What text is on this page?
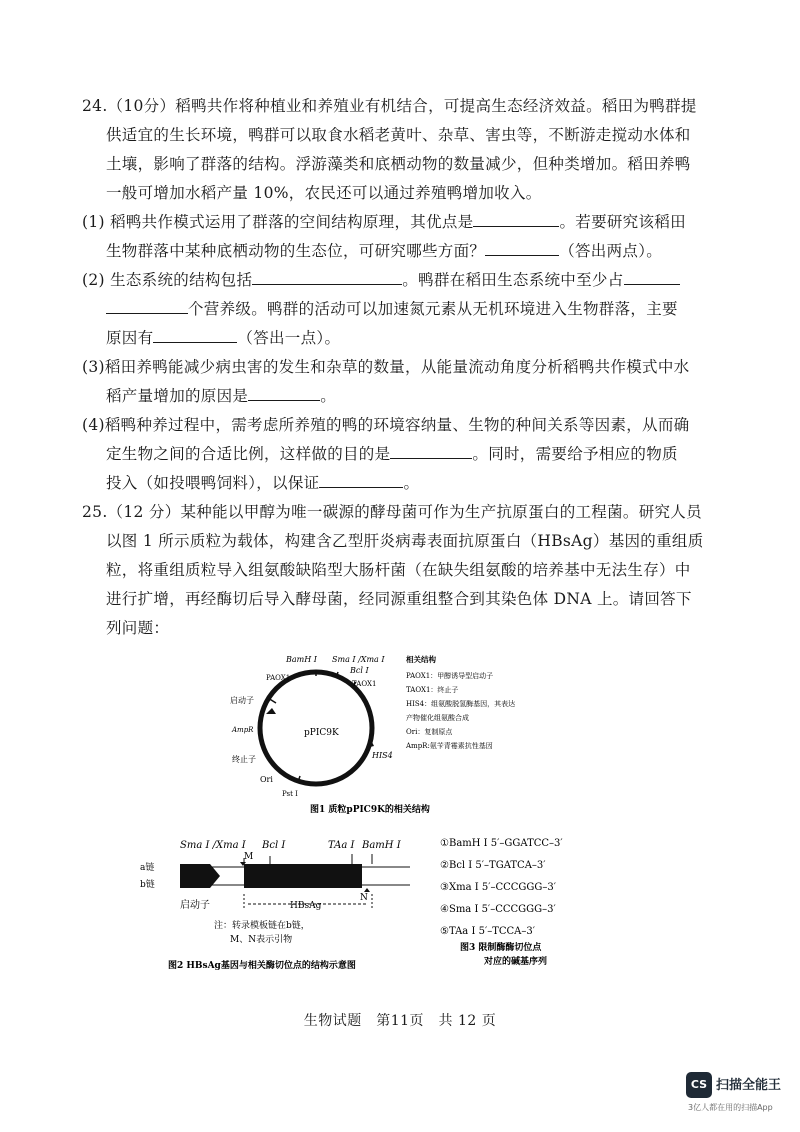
24.（10分）稻鸭共作将种植业和养殖业有机结合，可提高生态经济效益。稻田为鸭群提
供适宜的生长环境，鸭群可以取食水稻老黄叶、杂草、害虫等，不断游走搅动水体和
土壤，影响了群落的结构。浮游藻类和底栖动物的数量减少，但种类增加。稻田养鸭
一般可增加水稻产量 10%，农民还可以通过养殖鸭增加收入。
(1) 稻鸭共作模式运用了群落的空间结构原理，其优点是	。若要研究该稻田
生物群落中某种底栖动物的生态位，可研究哪些方面？	（答出两点）。
(2) 生态系统的结构包括	。鸭群在稻田生态系统中至少占
个营养级。鸭群的活动可以加速氮元素从无机环境进入生物群落，主要
原因有	（答出一点）。
(3)稻田养鸭能减少病虫害的发生和杂草的数量，从能量流动角度分析稻鸭共作模式中水
稻产量增加的原因是	。
(4)稻鸭种养过程中，需考虑所养殖的鸭的环境容纳量、生物的种间关系等因素，从而确
定生物之间的合适比例，这样做的目的是	。同时，需要给予相应的物质
投入（如投喂鸭饲料），以保证	。
25.（12 分）某种能以甲醇为唯一碳源的酵母菌可作为生产抗原蛋白的工程菌。研究人员
以图 1 所示质粒为载体，构建含乙型肝炎病毒表面抗原蛋白（HBsAg）基因的重组质
粒，将重组质粒导入组氨酸缺陷型大肠杆菌（在缺失组氨酸的培养基中无法生存）中
进行扩增，再经酶切后导入酵母菌，经同源重组整合到其染色体 DNA 上。请回答下
列问题：
pPIC9K
BamH Ⅰ Sma Ⅰ /Xma Ⅰ
Bcl Ⅰ
TAOX1
PAOX1
启动子
AmpR
终止子
Ori
Pst Ⅰ
HIS4
相关结构
PAOX1：甲醇诱导型启动子
TAOX1：终止子
HIS4：组氨酸脱氢酶基因，其表达
产物催化组氨酸合成
Ori：复制原点
AmpR:氨苄青霉素抗性基因
图1 质粒pPIC9K的相关结构
Sma Ⅰ /Xma Ⅰ Bcl Ⅰ	TAa Ⅰ BamH Ⅰ
M
N
a链
b链
HBsAg
启动子
注：转录模板链在b链，
M、N表示引物
图2 HBsAg基因与相关酶切位点的结构示意图
①BamH Ⅰ 5′–GGATCC–3′
②Bcl Ⅰ 5′–TGATCA–3′
③Xma Ⅰ 5′–CCCGGG–3′
④Sma Ⅰ 5′–CCCGGG–3′
⑤TAa Ⅰ 5′–TCCA–3′
图3 限制酶酶切位点
对应的碱基序列
生物试题　第11页　共 12 页
CS 扫描全能王
3亿人都在用的扫描App
